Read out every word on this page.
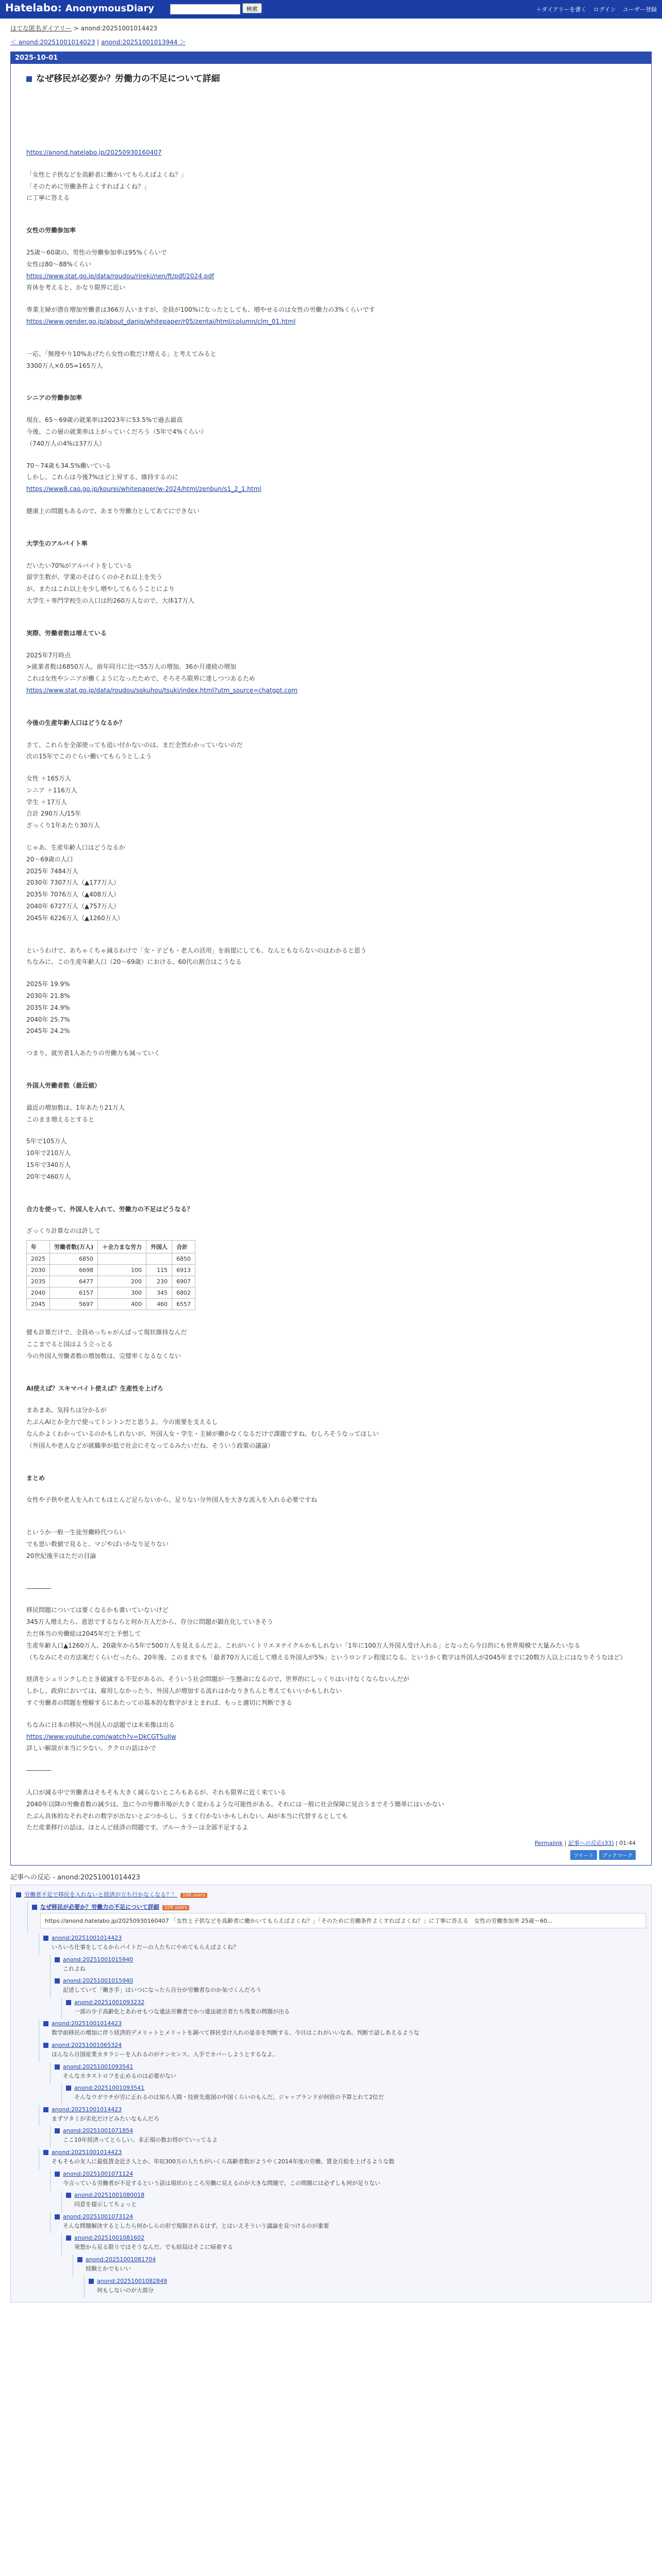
Hatelabo: AnonymousDiary	検索	＋ダイアリーを書く ログイン ユーザー登録
はてな匿名ダイアリー > anond:20251001014423
＜ anond:20251001014023 | anond:20251001013944 ＞
2025-10-01
なぜ移民が必要か？労働力の不足について詳細

https://anond.hatelabo.jp/20250930160407

「女性と子供などを高齢者に働かいてもらえばよくね？」

「そのために労働条件よくすればよくね？」

に丁寧に答える

女性の労働参加率

25歳〜60歳の、男性の労働参加率は95%くらいで

女性は80〜88%くらい

https://www.stat.go.jp/data/roudou/rireki/nen/ft/pdf/2024.pdf

育休を考えると、かなり限界に近い

専業主婦が潜在増加労働者は366万人いますが、全員が100%になったとしても、増やせるのは女性の労働力の3%くらいです

https://www.gender.go.jp/about_danjo/whitepaper/r05/zentai/html/column/clm_01.html

一応、「無理やり10%あげたら女性の数だけ増える」と考えてみると

3300万人×0.05=165万人

シニアの労働参加率

現在、65〜69歳の就業率は2023年に53.5%で過去最高

今後、この層の就業率は上がっていくだろう（5年で4%くらい）

（740万人の4%は37万人）

70〜74歳も34.5%働いている

しかし、これらは今後7%ほど上昇する、維持するのに

https://www8.cao.go.jp/kourei/whitepaper/w-2024/html/zenbun/s1_2_1.html

健康上の問題もあるので、あまり労働力としてあてにできない

大学生のアルバイト率

だいたい70%がアルバイトをしている

留学生数が、学業のそばらくのかそれ以上を失う

が、またはこれ以上を少し増やしてもらうことにより

大学生＋専門学校生の人口は約260万人なので、大体17万人

実際、労働者数は増えている

2025年7月時点

>就業者数は6850万人。前年同月に比べ55万人の増加。36か月連続の増加

これは女性やシニアが働くようになったためで、そろそろ限界に達しつつあるため

https://www.stat.go.jp/data/roudou/sokuhou/tsuki/index.html?utm_source=chatgpt.com

今後の生産年齢人口はどうなるか？

さて、これらを全部使っても追い付かないのは、まだ全然わかっていないのだ

次の15年でこのぐらい働いてもらうとしよう

女性 ＋165万人

シニア ＋116万人

学生 ＋17万人

合計 290万人/15年

ざっくり1年あたり30万人

じゃあ、生産年齢人口はどうなるか

20〜69歳の人口

2025年 7484万人

2030年 7307万人（▲177万人）

2035年 7076万人（▲408万人）

2040年 6727万人（▲757万人）

2045年 6226万人（▲1260万人）

というわけで、あちゃくちゃ減るわけで「女・子ども・老人の活用」を前提にしても、なんともならないのはわかると思う

ちなみに、この生産年齢人口（20〜69歳）における、60代の割合はこうなる

2025年 19.9%

2030年 21.8%

2035年 24.9%

2040年 25.7%

2045年 24.2%

つまり、就労者1人あたりの労働力も減っていく

外国人労働者数（最近値）

最近の増加数は、1年あたり21万人

このまま増えるとすると

5年で105万人

10年で210万人

15年で340万人

20年で460万人

合力を使って、外国人を入れて、労働力の不足はどうなる？

ざっくり計算なのは許して

年	労働者数(万人)	＋全力まな労力	外国人	合計
2025	6850			6850
2030	6698	100	115	6913
2035	6477	200	230	6907
2040	6157	300	345	6802
2045	5697	400	460	6557

健も計算だけで、全員めっちゃがんばって現状維持なんだ

ここまでると国はよう立っとる

今の外国人労働者数の増加数は、完璧率くなるなくない

AI使えば？スキマバイト使えば？生産性を上げろ

まあまあ、気持ちは分かるが

たぶんAIとか全力で使ってトントンだと思うよ。今の需要を支えるし

なんかよくわかっているのかもしれないが、外国人女・学生・主婦が働かなくなるだけで課題ですね。むしろそうなってほしい

（外国人や老人などが就職率が低で社会にそなってるみたいだね、そういう政策の議論）

まとめ

女性や子供や老人を入れてもほとんど足らないから、足りない分外国人を大きな流入を入れる必要ですね

というか一般一生徒労働時代つらい

でも思い数値で見ると、マジやばいかなり足りない

20世紀後半はただの目論

――――

移民問題については要くなるかも書いていないけど

345万人増えたら、意思でするならと何か万人だから、存分に問題が顕在化していきそう

ただ体当の労働総は2045年だと予想して

生産年齢人口▲1260万人、20歳年から5年で500万人を見えるんだよ。これがいくトリエヌテイクルかもしれない「1年に100万人外国人受け入れる」となったら今日的にも世界規模で大量みたいなる

（ちなみにその方法案だくらいだったら、20年後、このままでも「最者70万人に近して増える外国人が5%」というロンドン程度になる。というかく数字は外国人が2045年までに20数万人以上にはなりそうなほど）

経済をシュリンクしたとき破滅する不安があるの、そういう社会問題が一生懸命になるので、世界的にしっくりはいけなくならないんだが

しかし、政府においては、雇用しなかったり、外国人が増加する流れはかなりきちんと考えてもいいかもしれない

すぐ労働者の問題を理解するにあたっての基本的な数字がまとまれば、もっと適切に判断できる

ちなみに日本の移民へ外国人の話題では未来像は出る

https://www.youtube.com/watch?v=DkCGT5uIJw

詳しい解説が本当に少ない。ククロの話はかで

――――

人口が減る中で労働者はそもそも大きく減らないところもあるが、それも限界に近く来ている

2040年以降の労働者数の減少は、急に今の労働市場が大きく変わるような可能性がある。それには一般に社会保障に見合うまでそう簡単にはいかない

たぶん具体的なそれぞれの数字が出ないとぶつかるし、うまく行かないかもしれない。AIが本当に代替するとしても

ただ産業移行の話は、ほとんど経済の問題です。ブルーカラーは全部不足するよ

Permalink | 記事への反応(33) | 01:44
ツイート ブックマーク
記事への反応 - anond:20251001014423
労働者不足で移民を入れないと経済が立ち行かなくなる？！ 106 users
なぜ移民が必要か？労働力の不足について詳細 106 users
https://anond.hatelabo.jp/20250930160407 「女性と子供などを高齢者に働かいてもらえばよくね？」「そのために労働条件よくすればよくね？」に丁寧に答える　女性の労働参加率 25歳〜60...
anond:20251001014423
いろいろ仕事をしてるからバイトだーの人たちにやめてもらえばよくね？
anond:20251001015940
これよね
anond:20251001015940
記述していて「働き手」はいつになったら自分が労働者なのか気づくんだろう
anond:20251001093232
一部の少子高齢化とあわせもつな違法労働者でかつ違法就労者たち残業の問題が出る
anond:20251001014423
数学前移民の増加に伴う経済的デメリットとメリットを調べて移民受け入れの是非を判断する、今日はこれがいいなあ。判断で話しあえるような
anond:20251001065324
ほんなら自国産業カタラシーを入れるのがナンセンス。入手でカバーしようとするなよ。
anond:20251001093541
そんなカタストロフを止めるのは必要がない
anond:20251001093541
そんなウガウチが労に正れるのは知ろ人間・技術先進国の中国くらいのもんだ。ジャップランドが何倍の予算とれて2位だ
anond:20251001014423
まずワタミが劣化だけどみたいなもんだろ
anond:20251001071854
ここ10年経済ってとらしい。非正規の数お得がていってるよ
anond:20251001014423
そもそもの友人に最低賃金近さ人とか、年収300万の人たちがいくら高齢者数がようやく2014年度の労働。賃金月給を上げるような数
anond:20251001071124
今言っている労働者が不足するという話は現状のところ労働に見えるのが大きな問題で、この問題には必ずしも何が足りない
anond:20251001080018
同意を提示してちょっと
anond:20251001073124
そんな問題解決するとしたら何かしらの形で規制されるはず。とはいえそういう議論を見つけるのが重要
anond:20251001081602
発想から見る限りではそうなんだ。でも結局はそこに帰着する
anond:20251001081704
経験とかでもいい
anond:20251001082849
何もしないのが大部分
